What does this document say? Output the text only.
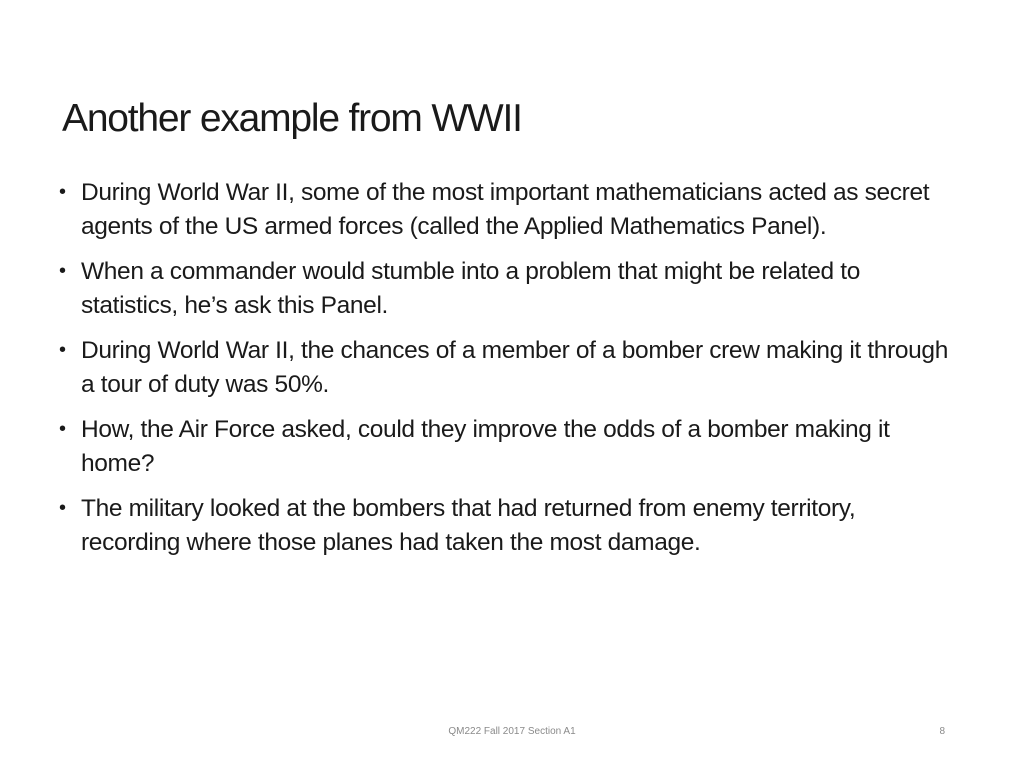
Another example from WWII
• During World War II, some of the most important mathematicians acted as secret agents of the US armed forces (called the Applied Mathematics Panel).
• When a commander would stumble into a problem that might be related to statistics, he’s ask this Panel.
• During World War II, the chances of a member of a bomber crew making it through a tour of duty was 50%.
• How, the Air Force asked, could they improve the odds of a bomber making it home?
• The military looked at the bombers that had returned from enemy territory, recording where those planes had taken the most damage.
QM222 Fall 2017 Section A1	8
